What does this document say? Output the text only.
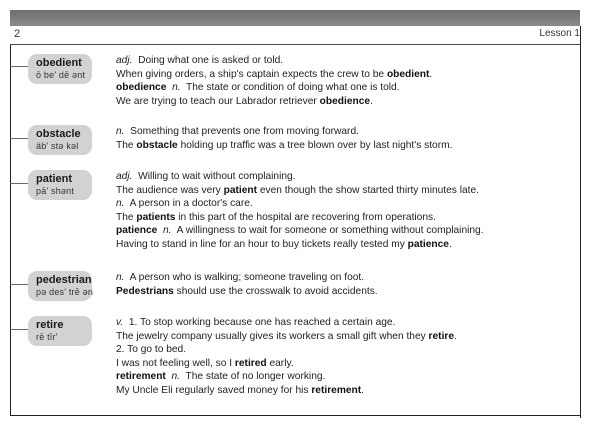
2	Lesson 1
obedient
ō beʹ dē ənt
adj. Doing what one is asked or told.
When giving orders, a ship's captain expects the crew to be obedient.
obedience n. The state or condition of doing what one is told.
We are trying to teach our Labrador retriever obedience.
obstacle
äbʹ stə kəl
n. Something that prevents one from moving forward.
The obstacle holding up traffic was a tree blown over by last night's storm.
patient
pāʹ shənt
adj. Willing to wait without complaining.
The audience was very patient even though the show started thirty minutes late.
n. A person in a doctor's care.
The patients in this part of the hospital are recovering from operations.
patience n. A willingness to wait for someone or something without complaining.
Having to stand in line for an hour to buy tickets really tested my patience.
pedestrian
pə desʹ trē ən
n. A person who is walking; someone traveling on foot.
Pedestrians should use the crosswalk to avoid accidents.
retire
rē tīrʹ
v. 1. To stop working because one has reached a certain age.
The jewelry company usually gives its workers a small gift when they retire.
2. To go to bed.
I was not feeling well, so I retired early.
retirement n. The state of no longer working.
My Uncle Eli regularly saved money for his retirement.
